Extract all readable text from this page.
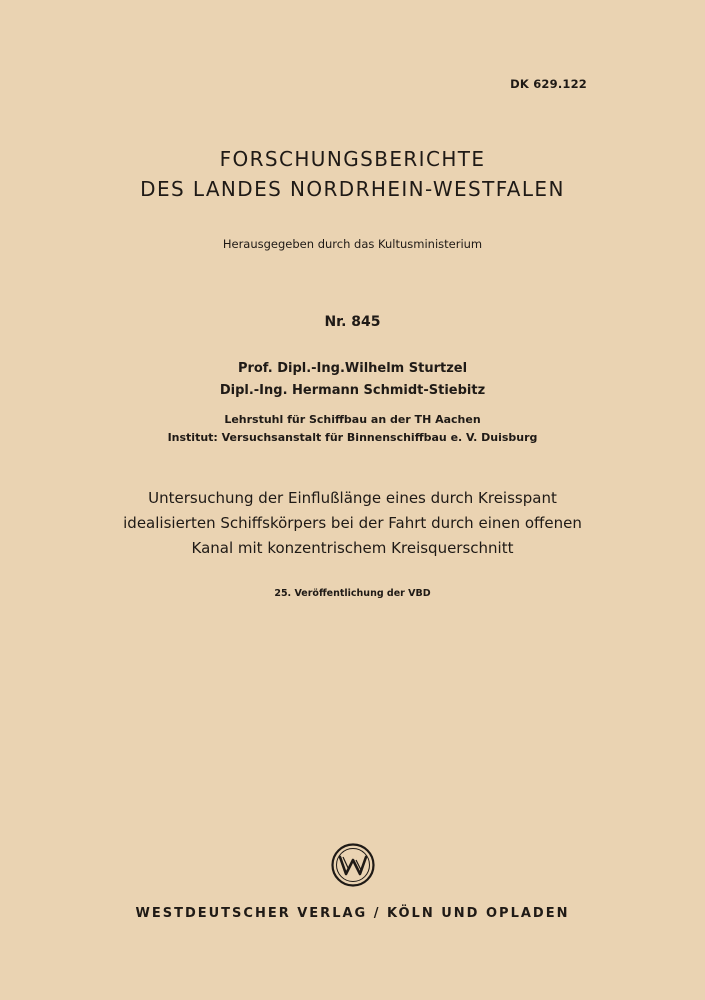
DK 629.122
FORSCHUNGSBERICHTE
DES LANDES NORDRHEIN-WESTFALEN
Herausgegeben durch das Kultusministerium
Nr. 845
Prof. Dipl.-Ing.Wilhelm Sturtzel
Dipl.-Ing. Hermann Schmidt-Stiebitz
Lehrstuhl für Schiffbau an der TH Aachen
Institut: Versuchsanstalt für Binnenschiffbau e. V. Duisburg
Untersuchung der Einflußlänge eines durch Kreisspant
idealisierten Schiffskörpers bei der Fahrt durch einen offenen
Kanal mit konzentrischem Kreisquerschnitt
25. Veröffentlichung der VBD
WESTDEUTSCHER VERLAG / KÖLN UND OPLADEN
